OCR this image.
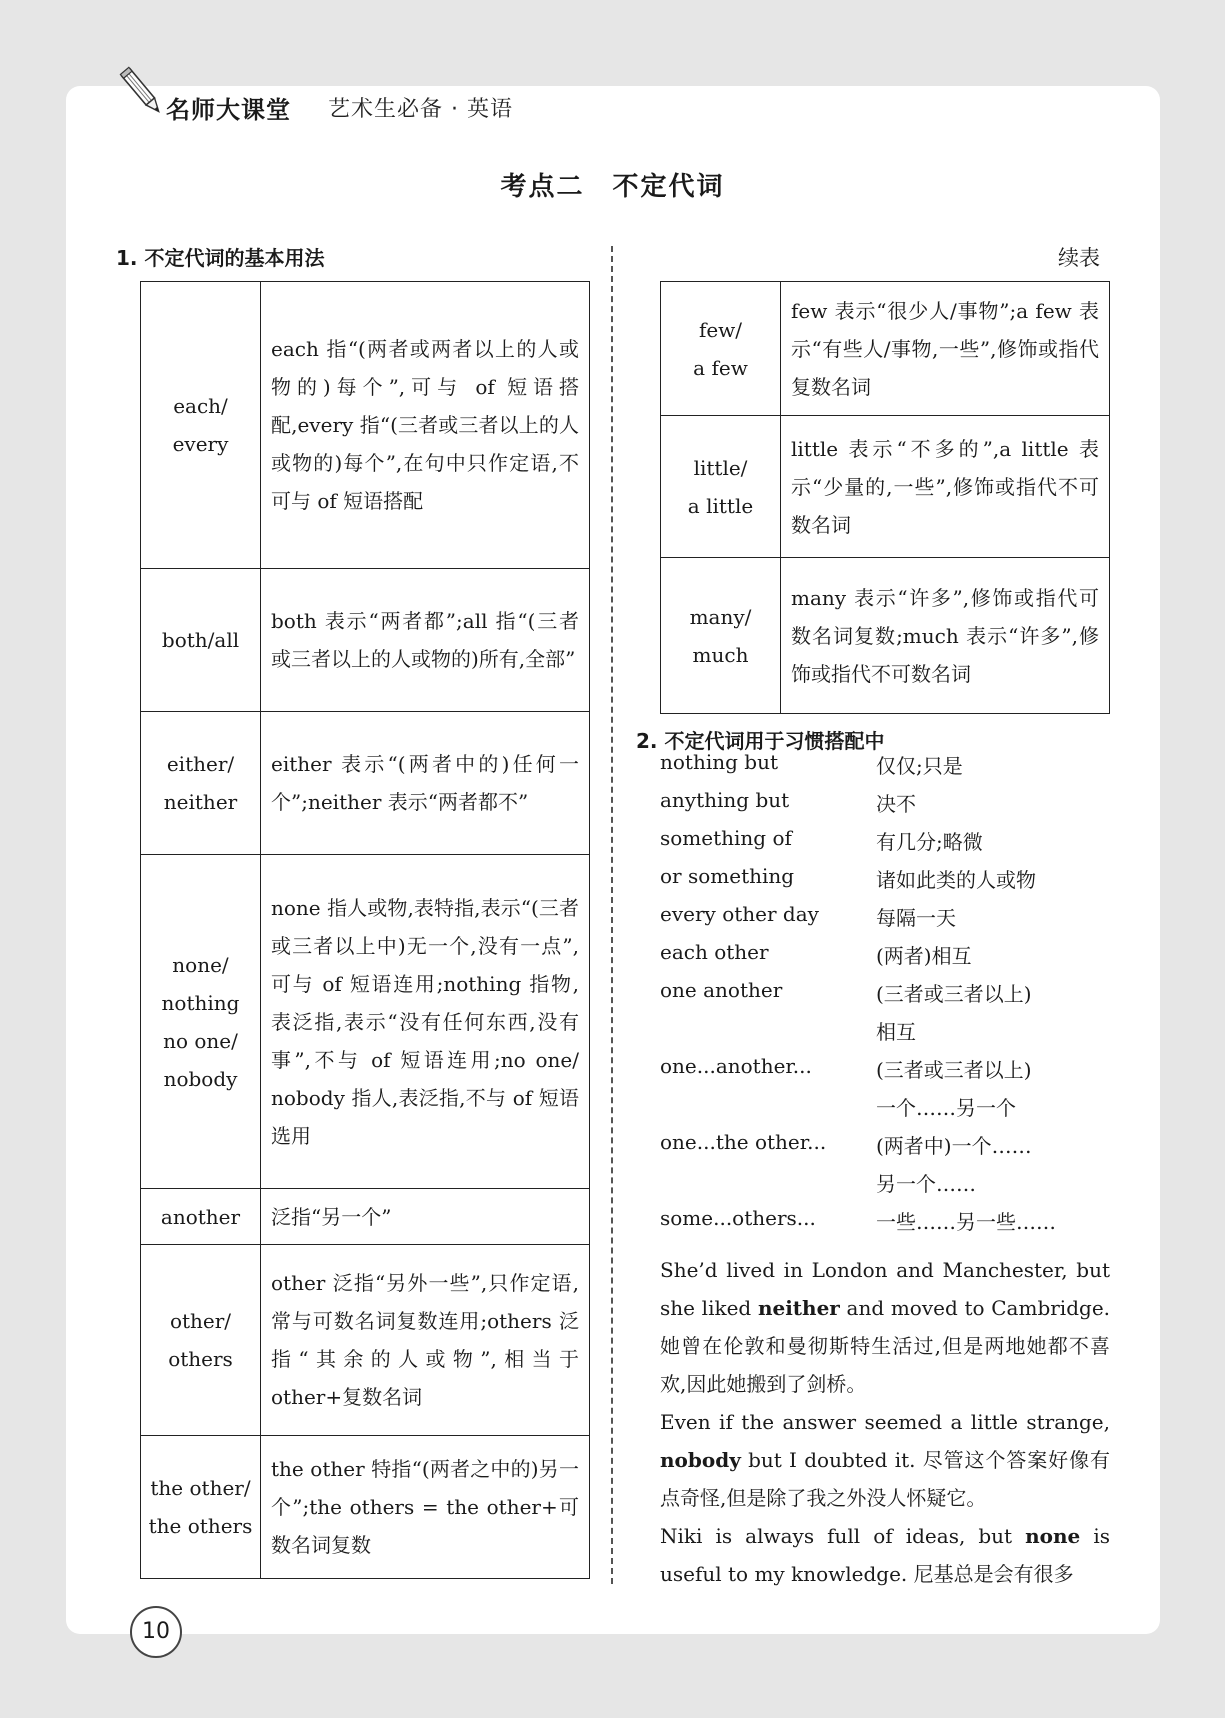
名师大课堂 艺术生必备 · 英语
考点二　不定代词
1. 不定代词的基本用法	续表
each/
every	each 指“(两者或两者以上的人或物的)每个”,可与 of 短语搭配,every 指“(三者或三者以上的人或物的)每个”,在句中只作定语,不可与 of 短语搭配

both/all	both 表示“两者都”;all 指“(三者或三者以上的人或物的)所有,全部”

either/
neither	either 表示“(两者中的)任何一个”;neither 表示“两者都不”

none/
nothing
no one/
nobody	none 指人或物,表特指,表示“(三者或三者以上中)无一个,没有一点”,可与 of 短语连用;nothing 指物,表泛指,表示“没有任何东西,没有事”,不与 of 短语连用;no one/ nobody 指人,表泛指,不与 of 短语选用

another	泛指“另一个”

other/
others	other 泛指“另外一些”,只作定语,常与可数名词复数连用;others 泛指“其余的人或物”,相当于 other+复数名词

the other/
the others	the other 特指“(两者之中的)另一个”;the others = the other+可数名词复数
few/
a few	few 表示“很少人/事物”;a few 表示“有些人/事物,一些”,修饰或指代复数名词

little/
a little	little 表示“不多的”,a little 表示“少量的,一些”,修饰或指代不可数名词

many/
much	many 表示“许多”,修饰或指代可数名词复数;much 表示“许多”,修饰或指代不可数名词
2. 不定代词用于习惯搭配中
nothing but	仅仅;只是
anything but	决不
something of	有几分;略微
or something	诸如此类的人或物
every other day	每隔一天
each other	(两者)相互
one another	(三者或三者以上)
相互
one...another...	(三者或三者以上)
一个……另一个
one...the other... (两者中)一个……
另一个……
some...others...	一些……另一些……
She’d lived in London and Manchester, but she liked neither and moved to Cambridge. 她曾在伦敦和曼彻斯特生活过,但是两地她都不喜欢,因此她搬到了剑桥。
Even if the answer seemed a little strange, nobody but I doubted it. 尽管这个答案好像有点奇怪,但是除了我之外没人怀疑它。
Niki is always full of ideas, but none is useful to my knowledge. 尼基总是会有很多
10
